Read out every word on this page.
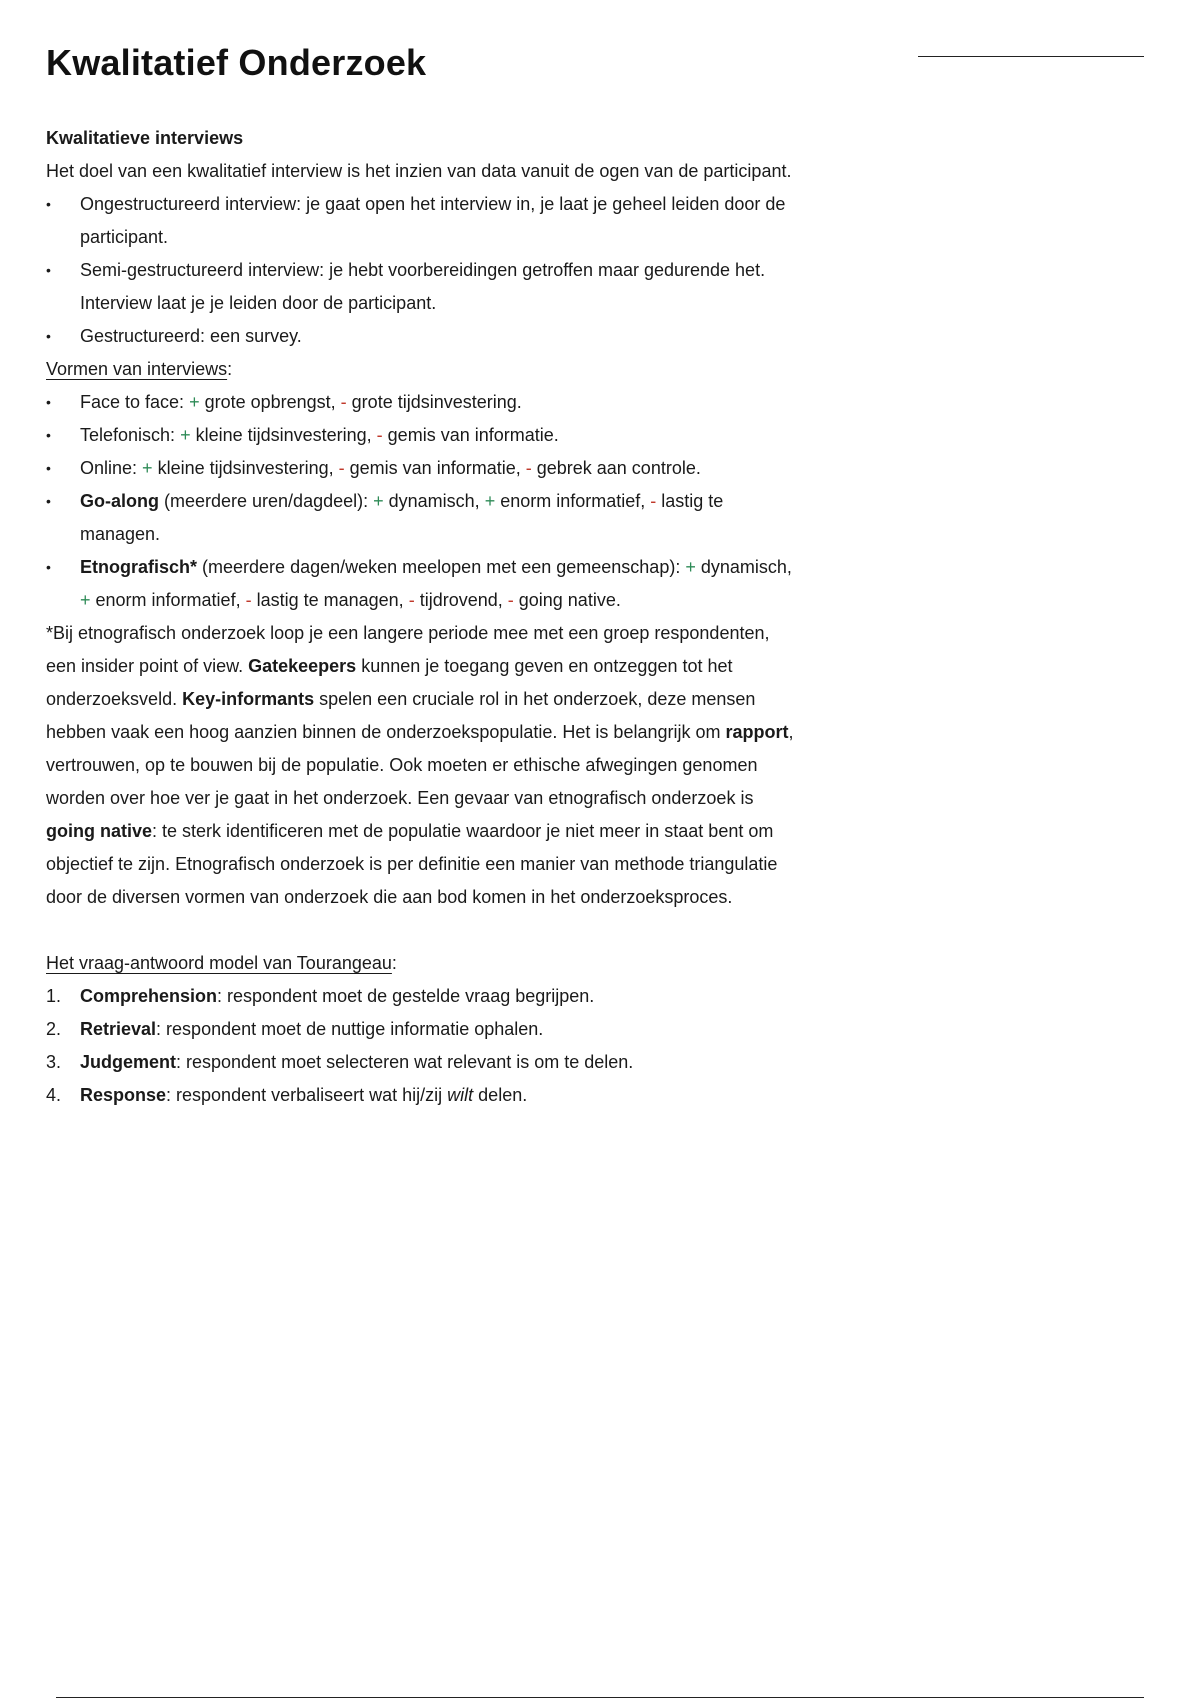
Kwalitatief Onderzoek
Kwalitatieve interviews
Het doel van een kwalitatief interview is het inzien van data vanuit de ogen van de participant.
• Ongestructureerd interview: je gaat open het interview in, je laat je geheel leiden door de
participant.
• Semi-gestructureerd interview: je hebt voorbereidingen getroffen maar gedurende het.
Interview laat je je leiden door de participant.
• Gestructureerd: een survey.
Vormen van interviews:
• Face to face: + grote opbrengst, - grote tijdsinvestering.
• Telefonisch: + kleine tijdsinvestering, - gemis van informatie.
• Online: + kleine tijdsinvestering, - gemis van informatie, - gebrek aan controle.
• Go-along (meerdere uren/dagdeel): + dynamisch, + enorm informatief, - lastig te
managen.
• Etnografisch* (meerdere dagen/weken meelopen met een gemeenschap): + dynamisch,
+ enorm informatief, - lastig te managen, - tijdrovend, - going native.
*Bij etnografisch onderzoek loop je een langere periode mee met een groep respondenten,
een insider point of view. Gatekeepers kunnen je toegang geven en ontzeggen tot het
onderzoeksveld. Key-informants spelen een cruciale rol in het onderzoek, deze mensen
hebben vaak een hoog aanzien binnen de onderzoekspopulatie. Het is belangrijk om rapport,
vertrouwen, op te bouwen bij de populatie. Ook moeten er ethische afwegingen genomen
worden over hoe ver je gaat in het onderzoek. Een gevaar van etnografisch onderzoek is
going native: te sterk identificeren met de populatie waardoor je niet meer in staat bent om
objectief te zijn. Etnografisch onderzoek is per definitie een manier van methode triangulatie
door de diversen vormen van onderzoek die aan bod komen in het onderzoeksproces.
Het vraag-antwoord model van Tourangeau:
1. Comprehension: respondent moet de gestelde vraag begrijpen.
2. Retrieval: respondent moet de nuttige informatie ophalen.
3. Judgement: respondent moet selecteren wat relevant is om te delen.
4. Response: respondent verbaliseert wat hij/zij wilt delen.
